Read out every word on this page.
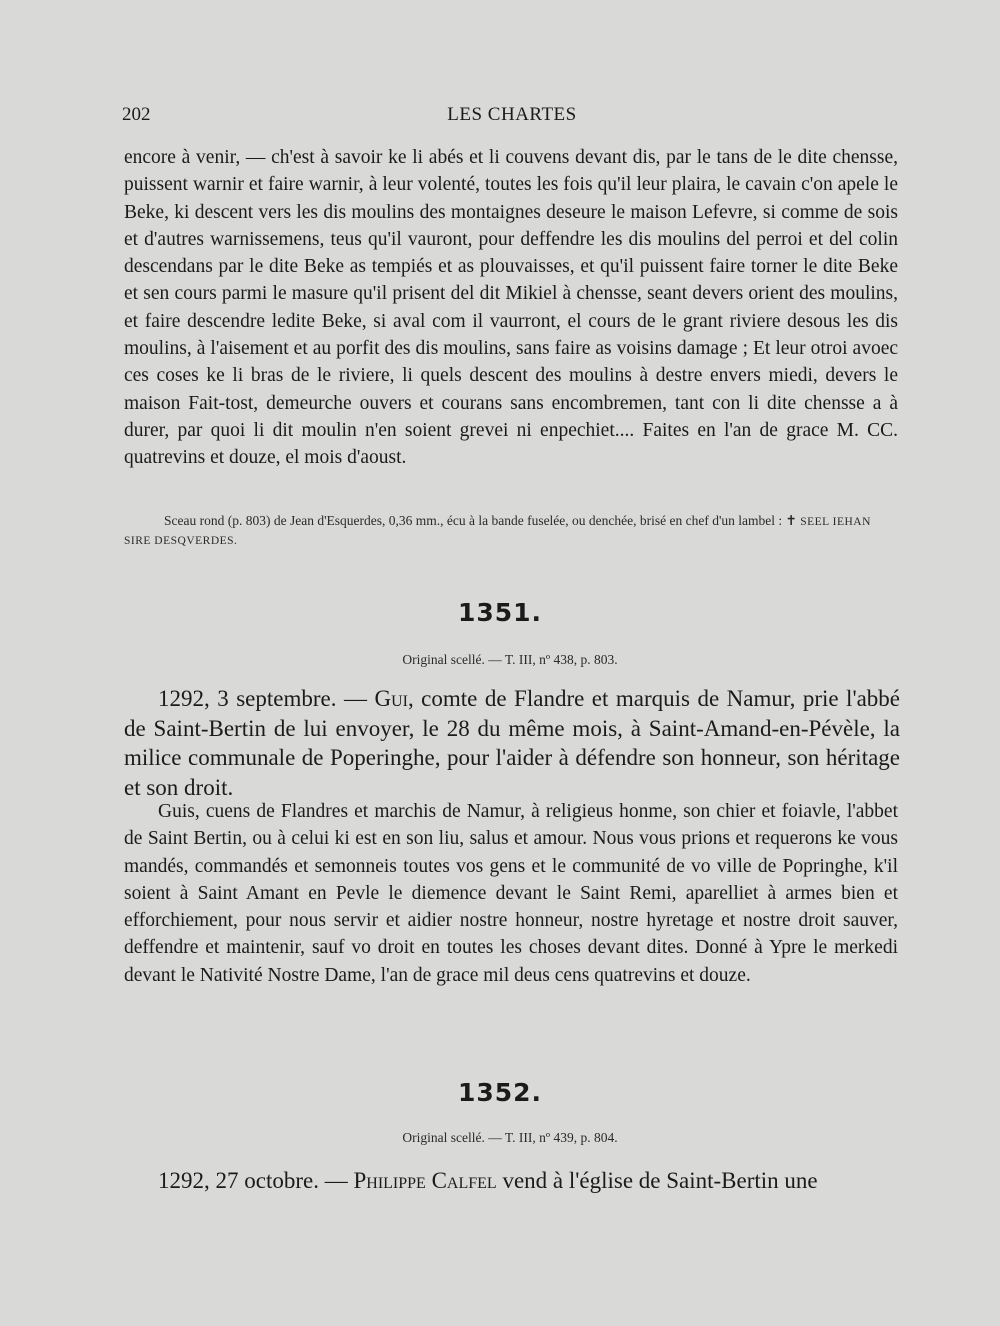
202	LES CHARTES

encore à venir, — ch'est à savoir ke li abés et li couvens devant dis, par le tans de le dite chensse, puissent warnir et faire warnir, à leur volenté, toutes les fois qu'il leur plaira, le cavain c'on apele le Beke, ki descent vers les dis moulins des montaignes deseure le maison Lefevre, si comme de sois et d'autres warnissemens, teus qu'il vauront, pour deffendre les dis moulins del perroi et del colin descendans par le dite Beke as tempiés et as plouvaisses, et qu'il puissent faire torner le dite Beke et sen cours parmi le masure qu'il prisent del dit Mikiel à chensse, seant devers orient des moulins, et faire descendre ledite Beke, si aval com il vaurront, el cours de le grant riviere desous les dis moulins, à l'aisement et au porfit des dis moulins, sans faire as voisins damage ; Et leur otroi avoec ces coses ke li bras de le riviere, li quels descent des moulins à destre envers miedi, devers le maison Fait-tost, demeurche ouvers et courans sans encombremen, tant con li dite chensse a à durer, par quoi li dit moulin n'en soient grevei ni enpechiet.... Faites en l'an de grace M. CC. quatrevins et douze, el mois d'aoust.

Sceau rond (p. 803) de Jean d'Esquerdes, 0,36 mm., écu à la bande fuselée, ou denchée, brisé en chef d'un lambel : ✝ SEEL IEHAN SIRE DESQVERDES.
1351.
Original scellé. — T. III, nº 438, p. 803.

1292, 3 septembre. — Gui, comte de Flandre et marquis de Namur, prie l'abbé de Saint-Bertin de lui envoyer, le 28 du même mois, à Saint-Amand-en-Pévèle, la milice communale de Poperinghe, pour l'aider à défendre son honneur, son héritage et son droit.

Guis, cuens de Flandres et marchis de Namur, à religieus honme, son chier et foiavle, l'abbet de Saint Bertin, ou à celui ki est en son liu, salus et amour. Nous vous prions et requerons ke vous mandés, commandés et semonneis toutes vos gens et le communité de vo ville de Popringhe, k'il soient à Saint Amant en Pevle le diemence devant le Saint Remi, aparelliet à armes bien et efforchiement, pour nous servir et aidier nostre honneur, nostre hyretage et nostre droit sauver, deffendre et maintenir, sauf vo droit en toutes les choses devant dites. Donné à Ypre le merkedi devant le Nativité Nostre Dame, l'an de grace mil deus cens quatrevins et douze.

1352.
Original scellé. — T. III, nº 439, p. 804.

1292, 27 octobre. — Philippe Calfel vend à l'église de Saint-Bertin une
